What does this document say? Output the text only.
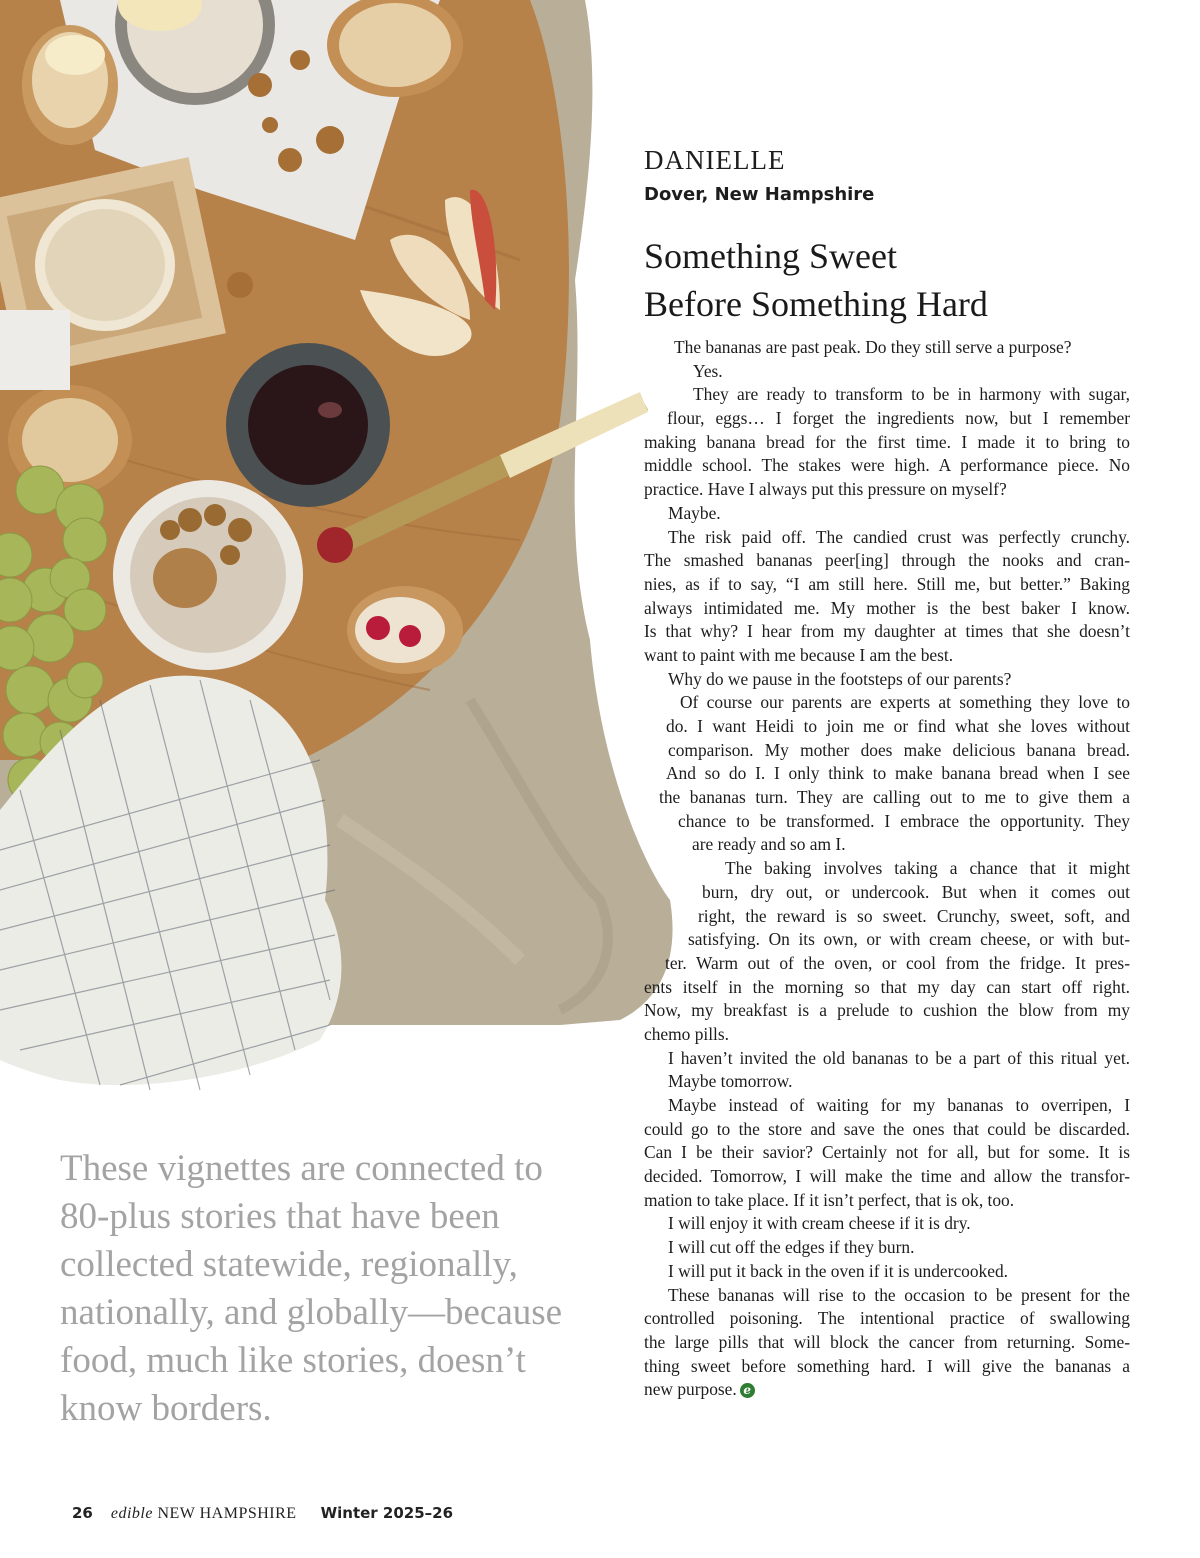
DANIELLE

Dover, New Hampshire

Something Sweet
Before Something Hard
The bananas are past peak. Do they still serve a purpose?
Yes.
They are ready to transform to be in harmony with sugar,
flour, eggs… I forget the ingredients now, but I remember
making banana bread for the first time. I made it to bring to
middle school. The stakes were high. A performance piece. No
practice. Have I always put this pressure on myself?
Maybe.
The risk paid off. The candied crust was perfectly crunchy.
The smashed bananas peer[ing] through the nooks and cran-
nies, as if to say, “I am still here. Still me, but better.” Baking
always intimidated me. My mother is the best baker I know.
Is that why? I hear from my daughter at times that she doesn’t
want to paint with me because I am the best.
Why do we pause in the footsteps of our parents?
Of course our parents are experts at something they love to
do. I want Heidi to join me or find what she loves without
comparison. My mother does make delicious banana bread.
And so do I. I only think to make banana bread when I see
the bananas turn. They are calling out to me to give them a
chance to be transformed. I embrace the opportunity. They
are ready and so am I.
The baking involves taking a chance that it might
burn, dry out, or undercook. But when it comes out
right, the reward is so sweet. Crunchy, sweet, soft, and
satisfying. On its own, or with cream cheese, or with but-
ter. Warm out of the oven, or cool from the fridge. It pres-
ents itself in the morning so that my day can start off right.
Now, my breakfast is a prelude to cushion the blow from my
chemo pills.
I haven’t invited the old bananas to be a part of this ritual yet.
Maybe tomorrow.
Maybe instead of waiting for my bananas to overripen, I
could go to the store and save the ones that could be discarded.
Can I be their savior? Certainly not for all, but for some. It is
decided. Tomorrow, I will make the time and allow the transfor-
mation to take place. If it isn’t perfect, that is ok, too.
I will enjoy it with cream cheese if it is dry.
I will cut off the edges if they burn.
I will put it back in the oven if it is undercooked.
These bananas will rise to the occasion to be present for the
controlled poisoning. The intentional practice of swallowing
the large pills that will block the cancer from returning. Some-
thing sweet before something hard. I will give the bananas a
new purpose. e
These vignettes are connected to
80-plus stories that have been
collected statewide, regionally,
nationally, and globally—because
food, much like stories, doesn’t
know borders.
26 edible NEW HAMPSHIRE Winter 2025–26
